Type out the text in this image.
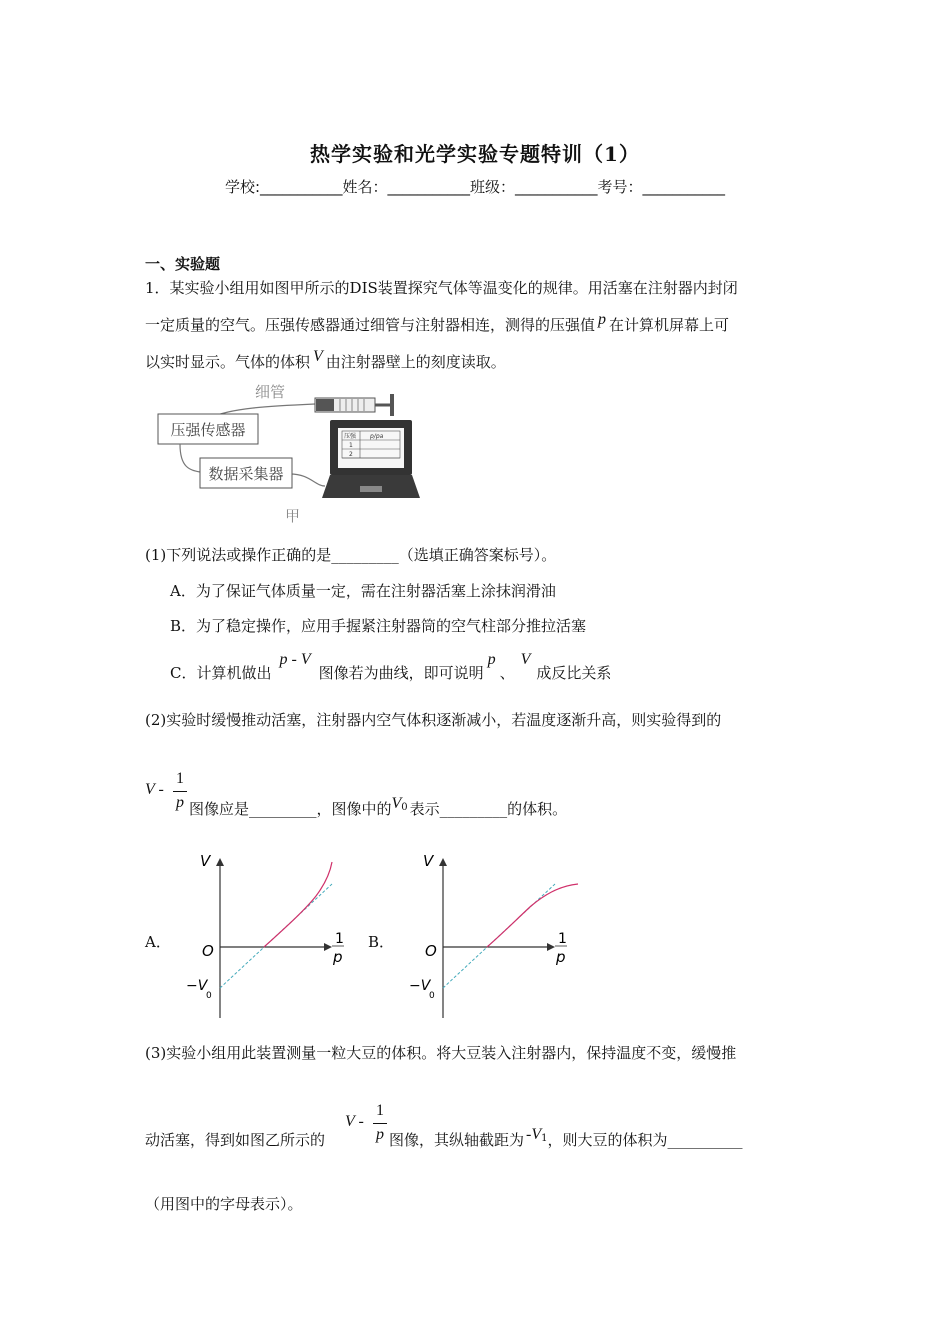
热学实验和光学实验专题特训（1）
学校:___________姓名：___________班级：___________考号：___________
一、实验题
1．某实验小组用如图甲所示的DIS装置探究气体等温变化的规律。用活塞在注射器内封闭
一定质量的空气。压强传感器通过细管与注射器相连，测得的压强值 p 在计算机屏幕上可
以实时显示。气体的体积 V 由注射器壁上的刻度读取。
细管
压强传感器
数据采集器
压强 p/pa
1
2
甲
(1)下列说法或操作正确的是_________（选填正确答案标号）。
A．为了保证气体质量一定，需在注射器活塞上涂抹润滑油
B．为了稳定操作，应用手握紧注射器筒的空气柱部分推拉活塞
C．计算机做出p - V图像若为曲线，即可说明p、V成反比关系
(2)实验时缓慢推动活塞，注射器内空气体积逐渐减小，若温度逐渐升高，则实验得到的
V -
1
p 图像应是_________，图像中的$V^0$ 表示_________的体积。
A．
V
O
1
p
−V
0
B．
V
O
1
p
−V
0
(3)实验小组用此装置测量一粒大豆的体积。将大豆装入注射器内，保持温度不变，缓慢推
V -
1
p
动活塞，得到如图乙所示的	图像，其纵轴截距为 $-V^1$，则大豆的体积为__________
（用图中的字母表示）。
